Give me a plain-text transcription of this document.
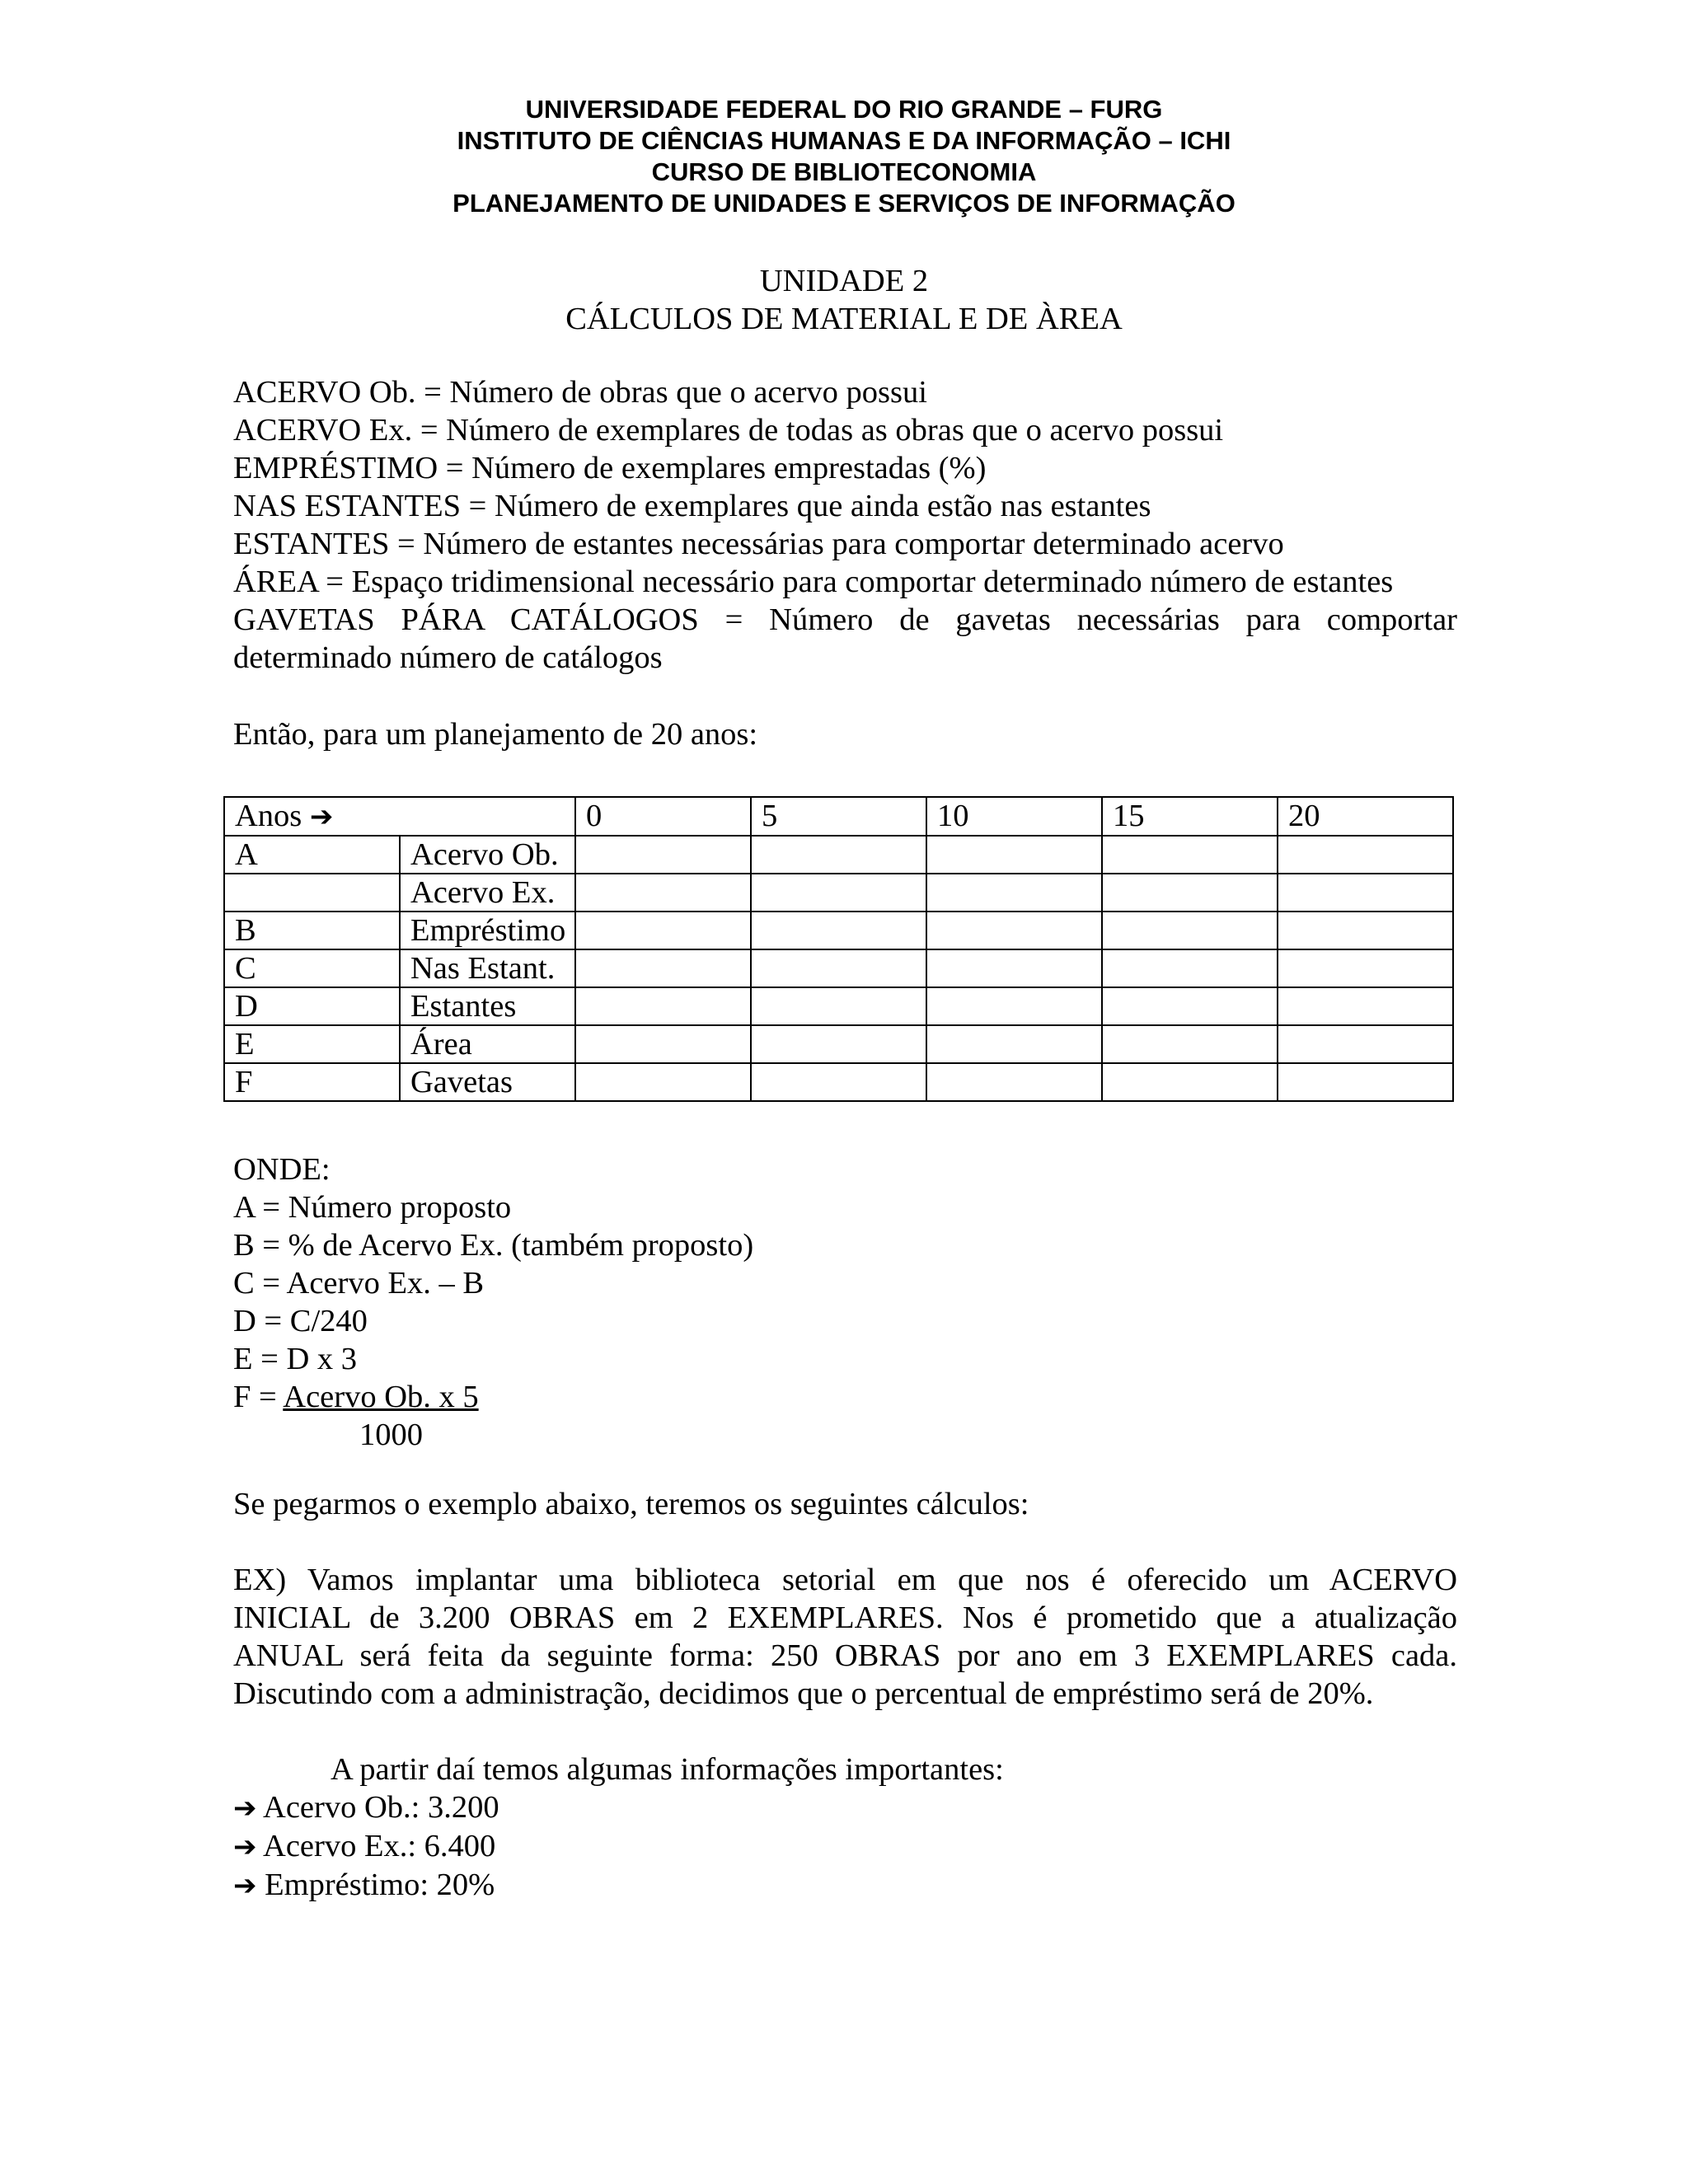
UNIVERSIDADE FEDERAL DO RIO GRANDE – FURG
INSTITUTO DE CIÊNCIAS HUMANAS E DA INFORMAÇÃO – ICHI
CURSO DE BIBLIOTECONOMIA
PLANEJAMENTO DE UNIDADES E SERVIÇOS DE INFORMAÇÃO
UNIDADE 2
CÁLCULOS DE MATERIAL E DE ÀREA
ACERVO Ob. = Número de obras que o acervo possui
ACERVO Ex. = Número de exemplares de todas as obras que o acervo possui
EMPRÉSTIMO = Número de exemplares emprestadas (%)
NAS ESTANTES = Número de exemplares que ainda estão nas estantes
ESTANTES = Número de estantes necessárias para comportar determinado acervo
ÁREA = Espaço tridimensional necessário para comportar determinado número de estantes
GAVETAS PÁRA CATÁLOGOS = Número de gavetas necessárias para comportar
determinado número de catálogos
Então, para um planejamento de 20 anos:
Anos ➔		0	5	10	15	20
A	Acervo Ob.					
	Acervo Ex.					
B	Empréstimo					
C	Nas Estant.					
D	Estantes					
E	Área					
F	Gavetas					
ONDE:
A = Número proposto
B = % de Acervo Ex. (também proposto)
C = Acervo Ex. – B
D = C/240
E = D x 3
F = Acervo Ob. x 5
1000
Se pegarmos o exemplo abaixo, teremos os seguintes cálculos:
EX) Vamos implantar uma biblioteca setorial em que nos é oferecido um ACERVO
INICIAL de 3.200 OBRAS em 2 EXEMPLARES. Nos é prometido que a atualização
ANUAL será feita da seguinte forma: 250 OBRAS por ano em 3 EXEMPLARES cada.
Discutindo com a administração, decidimos que o percentual de empréstimo será de 20%.
A partir daí temos algumas informações importantes:
➔ Acervo Ob.: 3.200
➔ Acervo Ex.: 6.400
➔ Empréstimo: 20%
